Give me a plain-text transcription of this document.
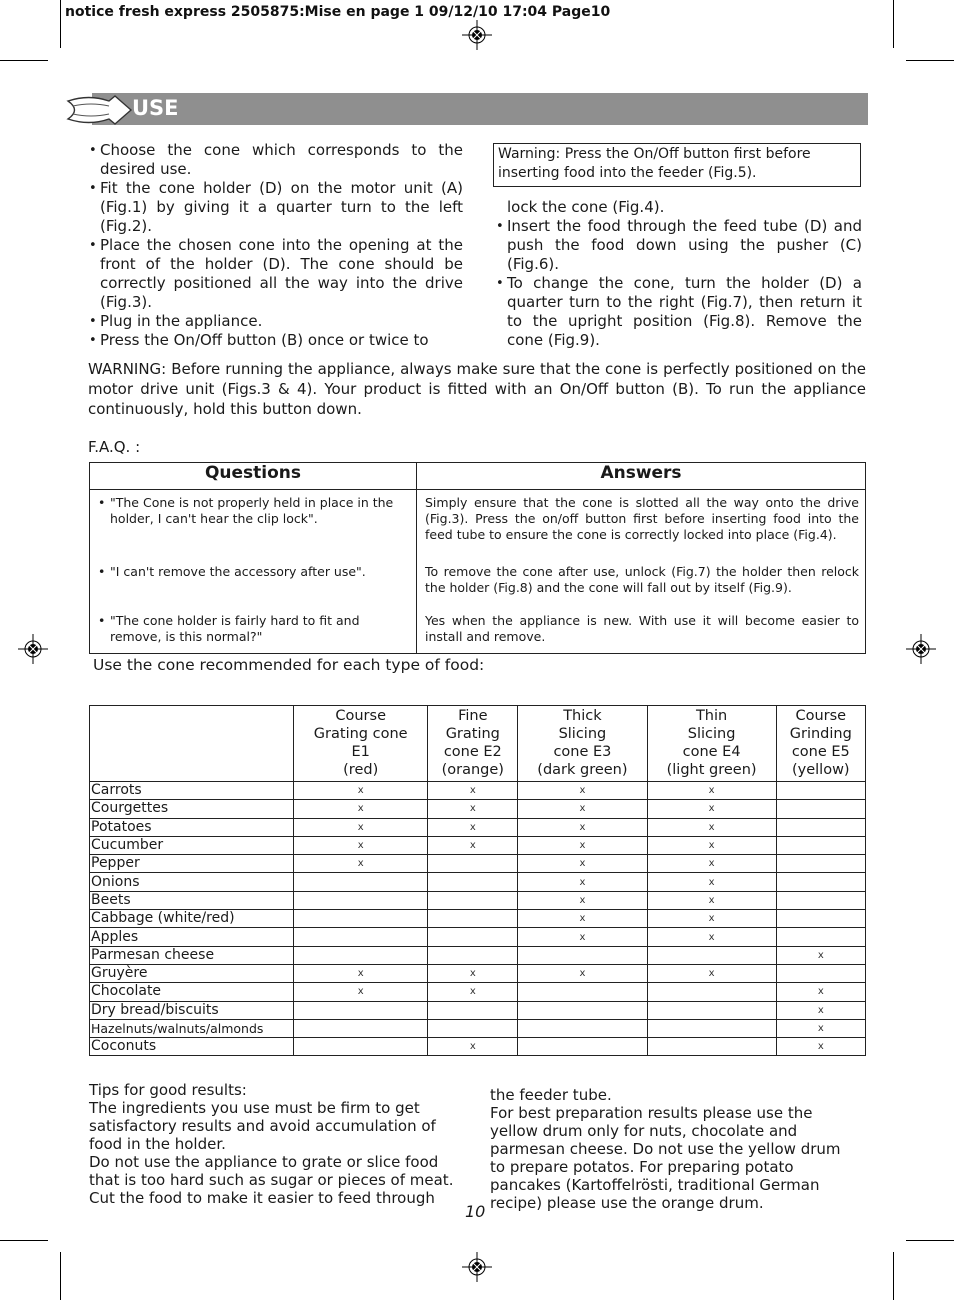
notice fresh express 2505875:Mise en page 1 09/12/10 17:04 Page10
USE
• Choose the cone which corresponds to the desired use.
• Fit the cone holder (D) on the motor unit (A) (Fig.1) by giving it a quarter turn to the left (Fig.2).
• Place the chosen cone into the opening at the front of the holder (D). The cone should be correctly positioned all the way into the drive (Fig.3).
• Plug in the appliance.
• Press the On/Off button (B) once or twice to
Warning: Press the On/Off button first before inserting food into the feeder (Fig.5).
lock the cone (Fig.4).
• Insert the food through the feed tube (D) and push the food down using the pusher (C) (Fig.6).
• To change the cone, turn the holder (D) a quarter turn to the right (Fig.7), then return it to the upright position (Fig.8). Remove the cone (Fig.9).
WARNING: Before running the appliance, always make sure that the cone is perfectly positioned on the motor drive unit (Figs.3 & 4). Your product is fitted with an On/Off button (B). To run the appliance continuously, hold this button down.
F.A.Q. :
Questions	Answers

• "The Cone is not properly held in place in the holder, I can't hear the clip lock".	Simply ensure that the cone is slotted all the way onto the drive (Fig.3). Press the on/off button first before inserting food into the feed tube to ensure the cone is correctly locked into place (Fig.4).

• "I can't remove the accessory after use".	To remove the cone after use, unlock (Fig.7) the holder then relock the holder (Fig.8) and the cone will fall out by itself (Fig.9).

• "The cone holder is fairly hard to fit and remove, is this normal?"	Yes when the appliance is new. With use it will become easier to install and remove.
Use the cone recommended for each type of food:
	Course
Grating cone
E1
(red)	Fine
Grating
cone E2
(orange)	Thick
Slicing
cone E3
(dark green)	Thin
Slicing
cone E4
(light green)	Course
Grinding
cone E5
(yellow)
Carrots	x	x	x	x	
Courgettes	x	x	x	x	
Potatoes	x	x	x	x	
Cucumber	x	x	x	x	
Pepper	x		x	x	
Onions			x	x	
Beets			x	x	
Cabbage (white/red)			x	x	
Apples			x	x	
Parmesan cheese					x
Gruyère	x	x	x	x	
Chocolate	x	x			x
Dry bread/biscuits					x
Hazelnuts/walnuts/almonds					x
Coconuts		x			x
Tips for good results:
The ingredients you use must be firm to get satisfactory results and avoid accumulation of food in the holder.
Do not use the appliance to grate or slice food that is too hard such as sugar or pieces of meat. Cut the food to make it easier to feed through
the feeder tube.
For best preparation results please use the yellow drum only for nuts, chocolate and parmesan cheese. Do not use the yellow drum to prepare potatos. For preparing potato pancakes (Kartoffelrösti, traditional German recipe) please use the orange drum.
10
